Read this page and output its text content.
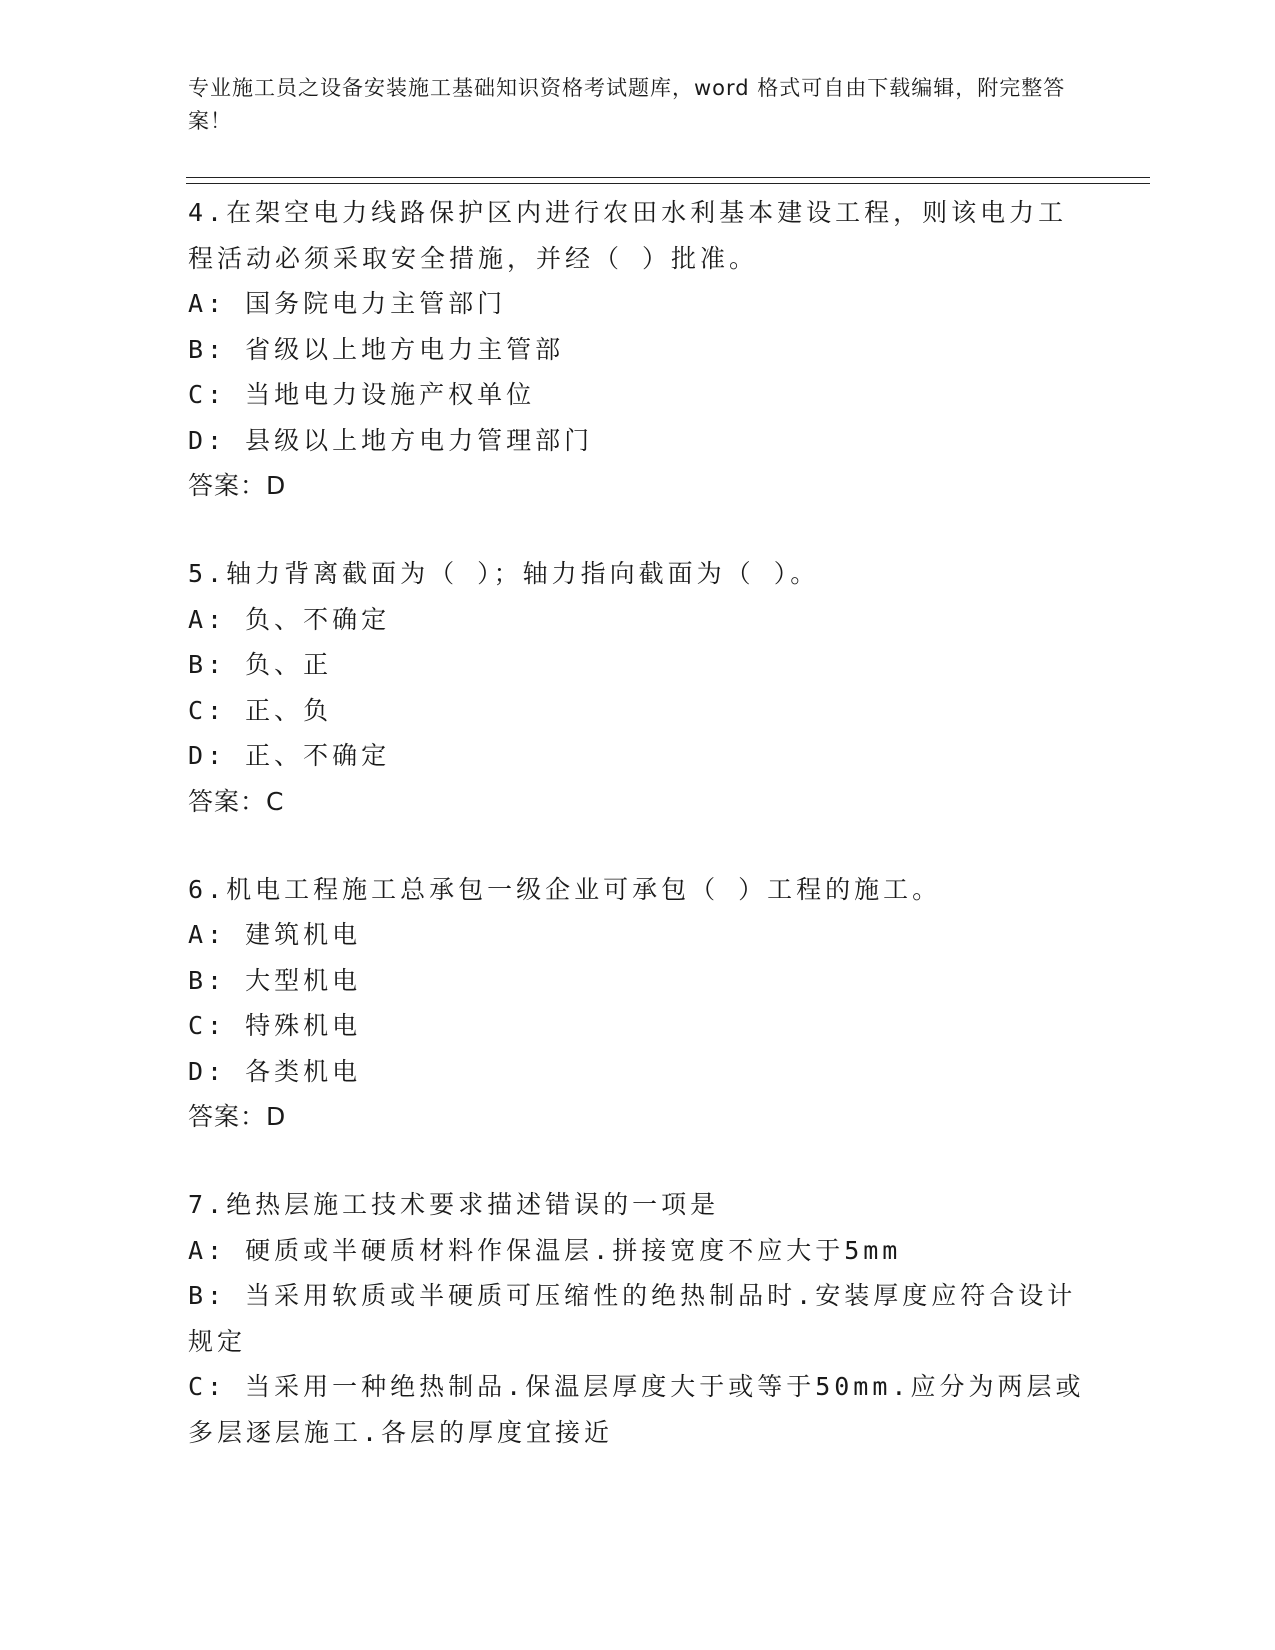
专业施工员之设备安装施工基础知识资格考试题库，word 格式可自由下载编辑，附完整答案！
4.在架空电力线路保护区内进行农田水利基本建设工程，则该电力工程活动必须采取安全措施，并经（ ）批准。
A: 国务院电力主管部门
B: 省级以上地方电力主管部
C: 当地电力设施产权单位
D: 县级以上地方电力管理部门
答案：D
5.轴力背离截面为（ ）；轴力指向截面为（ ）。
A: 负、不确定
B: 负、正
C: 正、负
D: 正、不确定
答案：C
6.机电工程施工总承包一级企业可承包（ ）工程的施工。
A: 建筑机电
B: 大型机电
C: 特殊机电
D: 各类机电
答案：D
7.绝热层施工技术要求描述错误的一项是
A: 硬质或半硬质材料作保温层.拼接宽度不应大于5mm
B: 当采用软质或半硬质可压缩性的绝热制品时.安装厚度应符合设计规定
C: 当采用一种绝热制品.保温层厚度大于或等于50mm.应分为两层或多层逐层施工.各层的厚度宜接近
